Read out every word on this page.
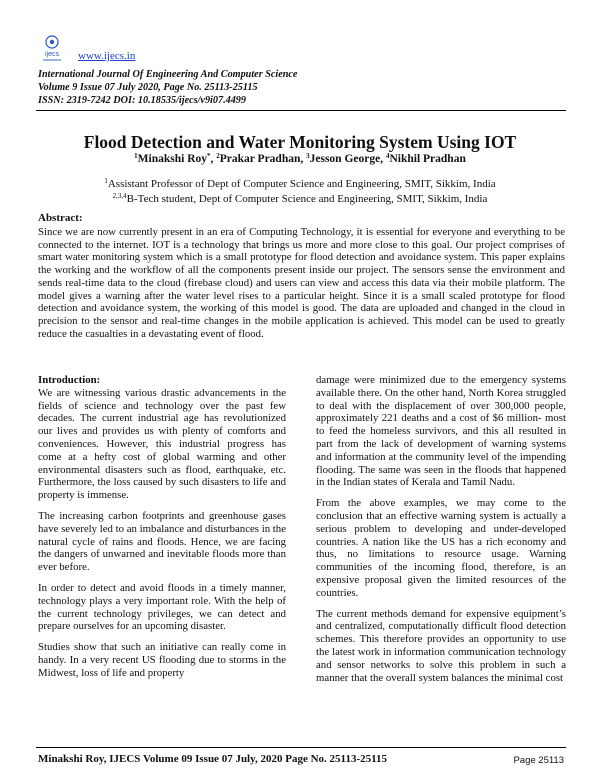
ijecs www.ijecs.in
International Journal Of Engineering And Computer Science
Volume 9 Issue 07 July 2020, Page No. 25113-25115
ISSN: 2319-7242 DOI: 10.18535/ijecs/v9i07.4499
Flood Detection and Water Monitoring System Using IOT
$^1$Minakshi Roy*, $^2$Prakar Pradhan, $^3$Jesson George, $^4$Nikhil Pradhan
$^1$Assistant Professor of Dept of Computer Science and Engineering, SMIT, Sikkim, India
$^{2,3,4}$B-Tech student, Dept of Computer Science and Engineering, SMIT, Sikkim, India
Abstract:
Since we are now currently present in an era of Computing Technology, it is essential for everyone and everything to be connected to the internet. IOT is a technology that brings us more and more close to this goal. Our project comprises of smart water monitoring system which is a small prototype for flood detection and avoidance system. This paper explains the working and the workflow of all the components present inside our project. The sensors sense the environment and sends real-time data to the cloud (firebase cloud) and users can view and access this data via their mobile platform. The model gives a warning after the water level rises to a particular height. Since it is a small scaled prototype for flood detection and avoidance system, the working of this model is good. The data are uploaded and changed in the cloud in precision to the sensor and real-time changes in the mobile application is achieved. This model can be used to greatly reduce the casualties in a devastating event of flood.
Introduction:

We are witnessing various drastic advancements in the fields of science and technology over the past few decades. The current industrial age has revolutionized our lives and provides us with plenty of comforts and conveniences. However, this industrial progress has come at a hefty cost of global warming and other environmental disasters such as flood, earthquake, etc. Furthermore, the loss caused by such disasters to life and property is immense.

The increasing carbon footprints and greenhouse gases have severely led to an imbalance and disturbances in the natural cycle of rains and floods. Hence, we are facing the dangers of unwarned and inevitable floods more than ever before.

In order to detect and avoid floods in a timely manner, technology plays a very important role. With the help of the current technology privileges, we can detect and prepare ourselves for an upcoming disaster.

Studies show that such an initiative can really come in handy. In a very recent US flooding due to storms in the Midwest, loss of life and property

damage were minimized due to the emergency systems available there. On the other hand, North Korea struggled to deal with the displacement of over 300,000 people, approximately 221 deaths and a cost of $6 million- most to feed the homeless survivors, and this all resulted in part from the lack of development of warning systems and information at the community level of the impending flooding. The same was seen in the floods that happened in the Indian states of Kerala and Tamil Nadu.

From the above examples, we may come to the conclusion that an effective warning system is actually a serious problem to developing and under-developed countries. A nation like the US has a rich economy and thus, no limitations to resource usage. Warning communities of the incoming flood, therefore, is an expensive proposal given the limited resources of the countries.

The current methods demand for expensive equipment’s and centralized, computationally difficult flood detection schemes. This therefore provides an opportunity to use the latest work in information communication technology and sensor networks to solve this problem in such a manner that the overall system balances the minimal cost

Minakshi Roy, IJECS Volume 09 Issue 07 July, 2020 Page No. 25113-25115	Page 25113
